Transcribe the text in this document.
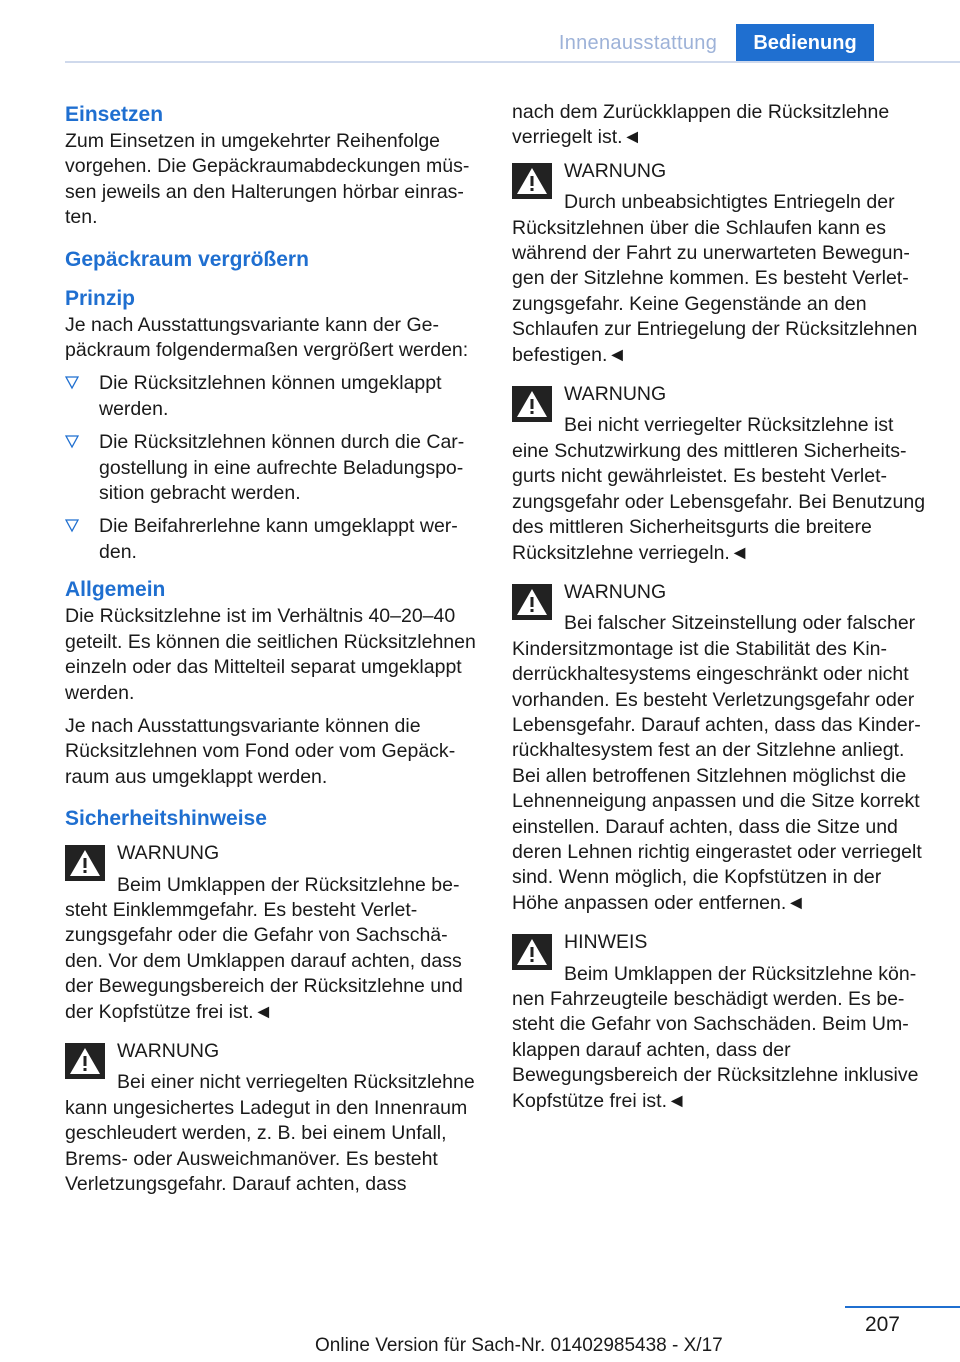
Innenausstattung	Bedienung
Einsetzen

Zum Einsetzen in umgekehrter Reihenfolge vorgehen. Die Gepäckraumabdeckungen müssen jeweils an den Halterungen hörbar einrasten.

Gepäckraum vergrößern
Prinzip

Je nach Ausstattungsvariante kann der Gepäckraum folgendermaßen vergrößert werden:

Die Rücksitzlehnen können umgeklappt werden.
Die Rücksitzlehnen können durch die Cargostellung in eine aufrechte Beladungsposition gebracht werden.
Die Beifahrerlehne kann umgeklappt werden.
Allgemein

Die Rücksitzlehne ist im Verhältnis 40–20–40 geteilt. Es können die seitlichen Rücksitzlehnen einzeln oder das Mittelteil separat umgeklappt werden.

Je nach Ausstattungsvariante können die Rücksitzlehnen vom Fond oder vom Gepäckraum aus umgeklappt werden.

Sicherheitshinweise
WARNUNG
Beim Umklappen der Rücksitzlehne besteht Einklemmgefahr. Es besteht Verletzungsgefahr oder die Gefahr von Sachschäden. Vor dem Umklappen darauf achten, dass der Bewegungsbereich der Rücksitzlehne und der Kopfstütze frei ist.◄
WARNUNG
Bei einer nicht verriegelten Rücksitzlehne kann ungesichertes Ladegut in den Innenraum geschleudert werden, z. B. bei einem Unfall, Brems- oder Ausweichmanöver. Es besteht Verletzungsgefahr. Darauf achten, dass

nach dem Zurückklappen die Rücksitzlehne verriegelt ist.◄

WARNUNG
Durch unbeabsichtigtes Entriegeln der Rücksitzlehnen über die Schlaufen kann es während der Fahrt zu unerwarteten Bewegungen der Sitzlehne kommen. Es besteht Verletzungsgefahr. Keine Gegenstände an den Schlaufen zur Entriegelung der Rücksitzlehnen befestigen.◄
WARNUNG
Bei nicht verriegelter Rücksitzlehne ist eine Schutzwirkung des mittleren Sicherheitsgurts nicht gewährleistet. Es besteht Verletzungsgefahr oder Lebensgefahr. Bei Benutzung des mittleren Sicherheitsgurts die breitere Rücksitzlehne verriegeln.◄
WARNUNG
Bei falscher Sitzeinstellung oder falscher Kindersitzmontage ist die Stabilität des Kinderrückhaltesystems eingeschränkt oder nicht vorhanden. Es besteht Verletzungsgefahr oder Lebensgefahr. Darauf achten, dass das Kinderrückhaltesystem fest an der Sitzlehne anliegt. Bei allen betroffenen Sitzlehnen möglichst die Lehnenneigung anpassen und die Sitze korrekt einstellen. Darauf achten, dass die Sitze und deren Lehnen richtig eingerastet oder verriegelt sind. Wenn möglich, die Kopfstützen in der Höhe anpassen oder entfernen.◄
HINWEIS
Beim Umklappen der Rücksitzlehne können Fahrzeugteile beschädigt werden. Es besteht die Gefahr von Sachschäden. Beim Umklappen darauf achten, dass der Bewegungsbereich der Rücksitzlehne inklusive Kopfstütze frei ist.◄
207
Online Version für Sach-Nr. 01402985438 - X/17
